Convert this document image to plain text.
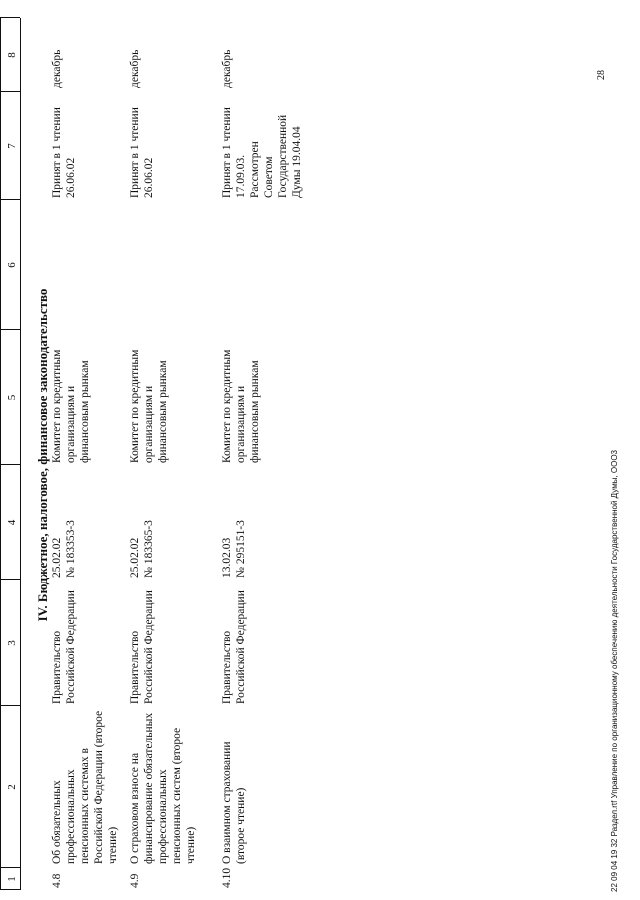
1
2
3
4
5
6
7
8
IV. Бюджетное, налоговое, финансовое законодательство
4.8
Об обязательных профессиональных пенсионных системах в Российской Федерации (второе чтение)
Правительство Российской Федерации
25.02.02
№ 183353-3
Комитет по кредитным организациям и финансовым рынкам
Принят в 1 чтении
26.06.02
декабрь
4.9
О страховом взносе на финансирование обязательных профессиональных пенсионных систем (второе чтение)
Правительство Российской Федерации
25.02.02
№ 183365-3
Комитет по кредитным организациям и финансовым рынкам
Принят в 1 чтении
26.06.02
декабрь
4.10
О взаимном страховании (второе чтение)
Правительство Российской Федерации
13.02.03
№ 295151-3
Комитет по кредитным организациям и финансовым рынкам
Принят в 1 чтении
17.09.03.
Рассмотрен
Советом
Государственной
Думы 19.04.04
декабрь
22 09 04 19 32 Раздел.rtf Управление по организационному обеспечению деятельности Государственной Думы, ООО3
28
